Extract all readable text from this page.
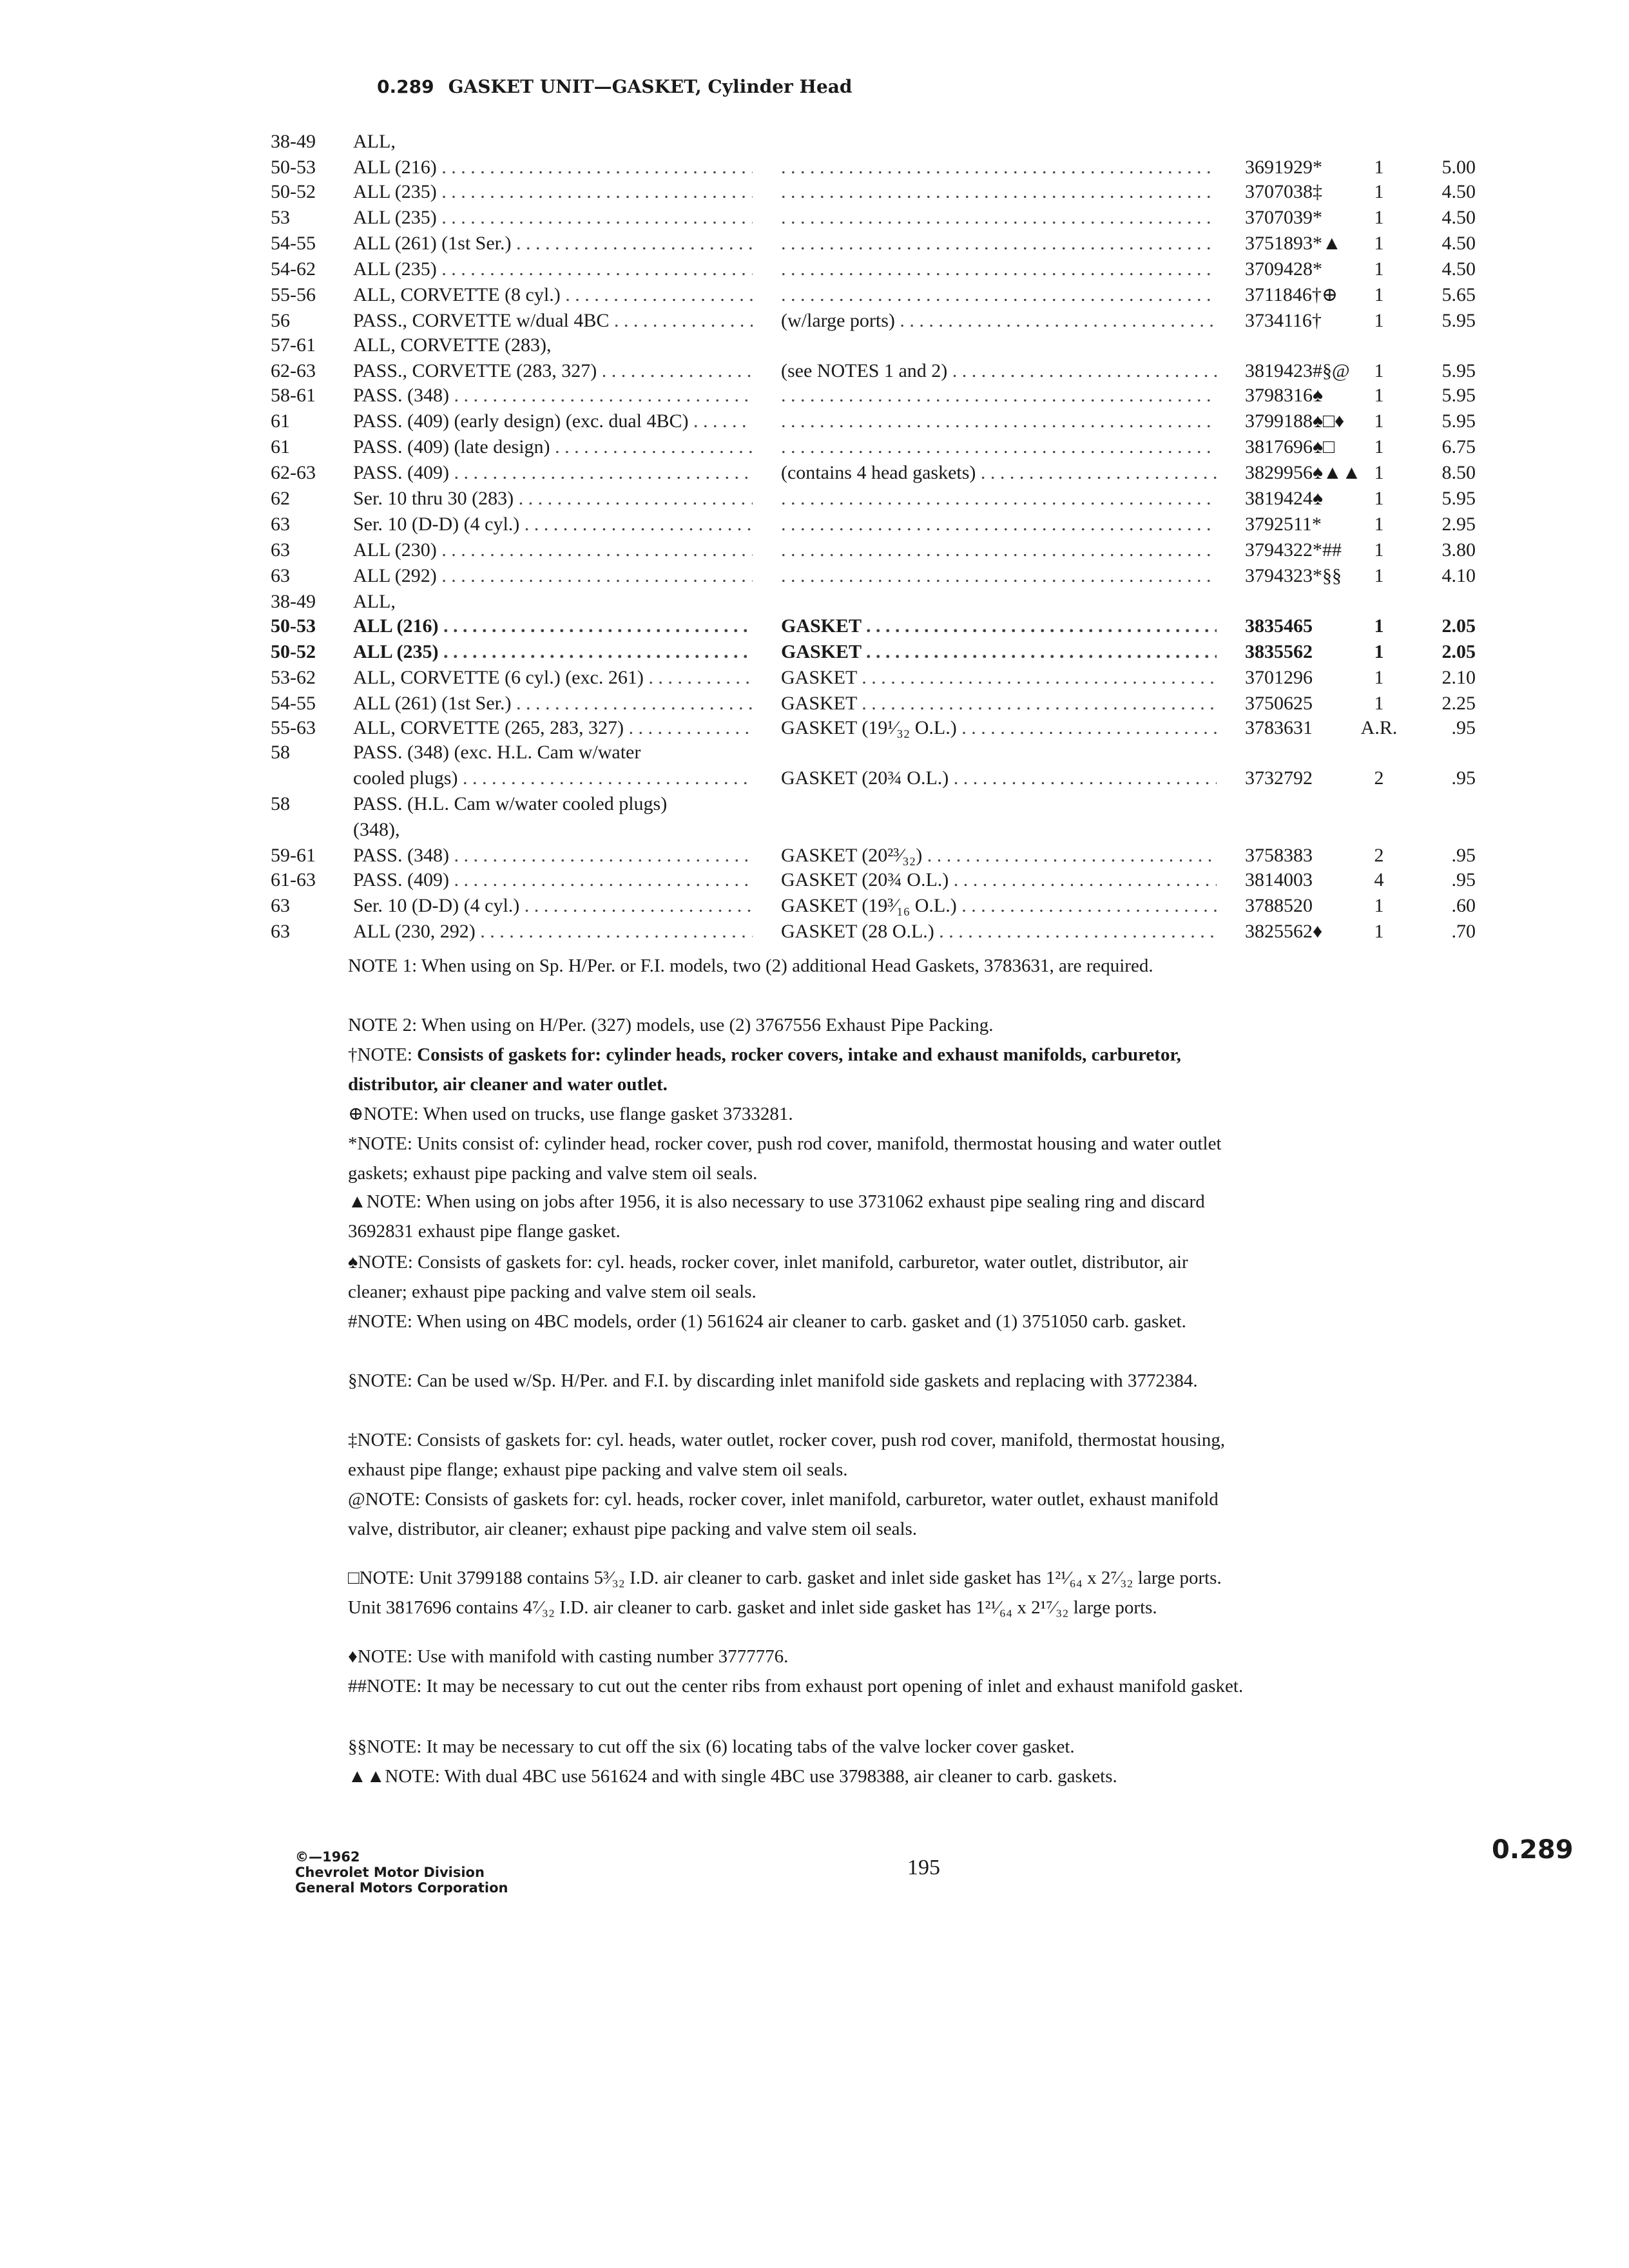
0.289 GASKET UNIT—GASKET, Cylinder Head
38-49 ALL,
50-53 ALL (216) . . . . . .	3691929*	1	5.00
50-52 ALL (235) . . . . . .	3707038‡	1	4.50
53	ALL (235) . . . . . .	3707039*	1	4.50
54-55 ALL (261) (1st Ser.) . . . . . .	3751893*▲	1	4.50
54-62 ALL (235) . . . . . .	3709428*	1	4.50
55-56 ALL, CORVETTE (8 cyl.) . . . . . .	3711846†⊕	1	5.65
56	PASS., CORVETTE w/dual 4BC . . .	(w/large ports) . . .	3734116†	1	5.95
57-61 ALL, CORVETTE (283),
62-63 PASS., CORVETTE (283, 327) . . .	(see NOTES 1 and 2) . . .	3819423#§@	1	5.95
58-61 PASS. (348) . . . . . .	3798316♠	1	5.95
61	PASS. (409) (early design) (exc. dual 4BC) . . . . . .	3799188♠□♦	1	5.95
61	PASS. (409) (late design) . . . . . .	3817696♠□	1	6.75
62-63 PASS. (409) . . .	(contains 4 head gaskets) . . .	3829956♠▲▲ 1	8.50
62	Ser. 10 thru 30 (283) . . . . . .	3819424♠	1	5.95
63	Ser. 10 (D-D) (4 cyl.) . . . . . .	3792511*	1	2.95
63	ALL (230) . . . . . .	3794322*##	1	3.80
63	ALL (292) . . . . . .	3794323*§§	1	4.10
38-49 ALL,
50-53 ALL (216) . . .	GASKET . . .	3835465	1	2.05
50-52 ALL (235) . . .	GASKET . . .	3835562	1	2.05
53-62 ALL, CORVETTE (6 cyl.) (exc. 261) . . .	GASKET . . .	3701296	1	2.10
54-55 ALL (261) (1st Ser.) . . .	GASKET . . .	3750625	1	2.25
55-63 ALL, CORVETTE (265, 283, 327) . . .	GASKET (19¹⁄₃₂ O.L.) . . .	3783631	A.R.	.95
58	PASS. (348) (exc. H.L. Cam w/water
cooled plugs) . . .	GASKET (20¾ O.L.) . . .	3732792	2	.95
58	PASS. (H.L. Cam w/water cooled plugs)
(348),
59-61 PASS. (348) . . .	GASKET (20²³⁄₃₂) . . .	3758383	2	.95
61-63 PASS. (409) . . .	GASKET (20¾ O.L.) . . .	3814003	4	.95
63	Ser. 10 (D-D) (4 cyl.) . . .	GASKET (19³⁄₁₆ O.L.) . . .	3788520	1	.60
63	ALL (230, 292) . . .	GASKET (28 O.L.) . . .	3825562♦	1	.70
NOTE 1: When using on Sp. H/Per. or F.I. models, two (2) additional Head Gaskets, 3783631, are required.
NOTE 2: When using on H/Per. (327) models, use (2) 3767556 Exhaust Pipe Packing.
†NOTE: Consists of gaskets for: cylinder heads, rocker covers, intake and exhaust manifolds, carburetor, distributor, air cleaner and water outlet.
⊕NOTE: When used on trucks, use flange gasket 3733281.
*NOTE: Units consist of: cylinder head, rocker cover, push rod cover, manifold, thermostat housing and water outlet gaskets; exhaust pipe packing and valve stem oil seals.
▲NOTE: When using on jobs after 1956, it is also necessary to use 3731062 exhaust pipe sealing ring and discard 3692831 exhaust pipe flange gasket.
♠NOTE: Consists of gaskets for: cyl. heads, rocker cover, inlet manifold, carburetor, water outlet, distributor, air cleaner; exhaust pipe packing and valve stem oil seals.
#NOTE: When using on 4BC models, order (1) 561624 air cleaner to carb. gasket and (1) 3751050 carb. gasket.
§NOTE: Can be used w/Sp. H/Per. and F.I. by discarding inlet manifold side gaskets and replacing with 3772384.
‡NOTE: Consists of gaskets for: cyl. heads, water outlet, rocker cover, push rod cover, manifold, thermostat housing, exhaust pipe flange; exhaust pipe packing and valve stem oil seals.
@NOTE: Consists of gaskets for: cyl. heads, rocker cover, inlet manifold, carburetor, water outlet, exhaust manifold valve, distributor, air cleaner; exhaust pipe packing and valve stem oil seals.
□NOTE: Unit 3799188 contains 5³⁄₃₂ I.D. air cleaner to carb. gasket and inlet side gasket has 1²¹⁄₆₄ x 2⁷⁄₃₂ large ports. Unit 3817696 contains 4⁷⁄₃₂ I.D. air cleaner to carb. gasket and inlet side gasket has 1²¹⁄₆₄ x 2¹⁷⁄₃₂ large ports.
♦NOTE: Use with manifold with casting number 3777776.
##NOTE: It may be necessary to cut out the center ribs from exhaust port opening of inlet and exhaust manifold gasket.
§§NOTE: It may be necessary to cut off the six (6) locating tabs of the valve locker cover gasket.
▲▲NOTE: With dual 4BC use 561624 and with single 4BC use 3798388, air cleaner to carb. gaskets.
©—1962
Chevrolet Motor Division
General Motors Corporation
195
0.289
